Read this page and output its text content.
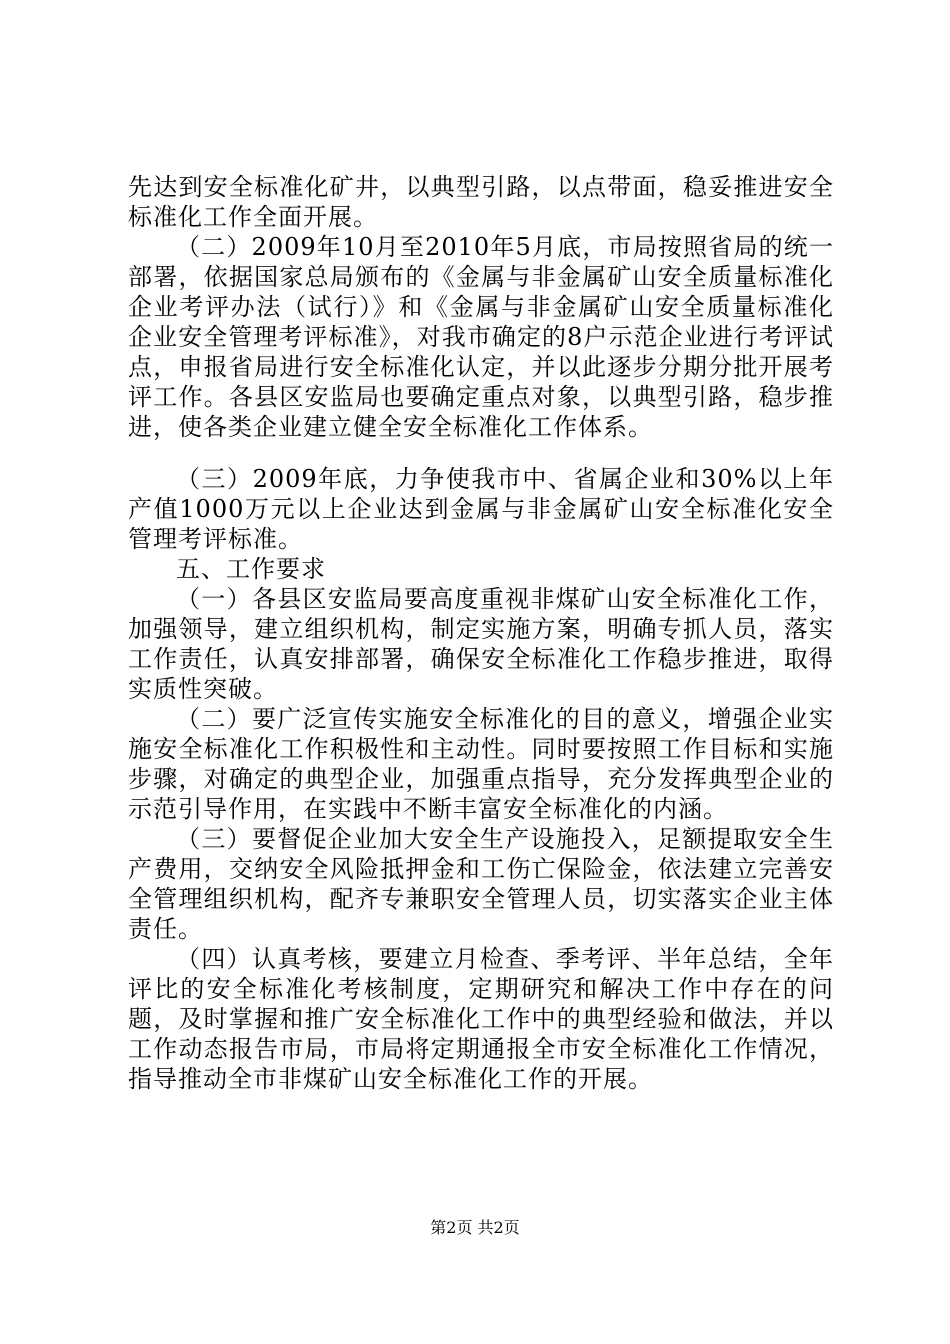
先达到安全标准化矿井，以典型引路，以点带面，稳妥推进安全标准化工作全面开展。

（二）2009年10月至2010年5月底，市局按照省局的统一部署，依据国家总局颁布的《金属与非金属矿山安全质量标准化企业考评办法（试行）》和《金属与非金属矿山安全质量标准化企业安全管理考评标准》，对我市确定的8户示范企业进行考评试点，申报省局进行安全标准化认定，并以此逐步分期分批开展考评工作。各县区安监局也要确定重点对象，以典型引路，稳步推进，使各类企业建立健全安全标准化工作体系。

（三）2009年底，力争使我市中、省属企业和30%以上年产值1000万元以上企业达到金属与非金属矿山安全标准化安全管理考评标准。

五、工作要求

（一）各县区安监局要高度重视非煤矿山安全标准化工作，加强领导，建立组织机构，制定实施方案，明确专抓人员，落实工作责任，认真安排部署，确保安全标准化工作稳步推进，取得实质性突破。

（二）要广泛宣传实施安全标准化的目的意义，增强企业实施安全标准化工作积极性和主动性。同时要按照工作目标和实施步骤，对确定的典型企业，加强重点指导，充分发挥典型企业的示范引导作用，在实践中不断丰富安全标准化的内涵。

（三）要督促企业加大安全生产设施投入，足额提取安全生产费用，交纳安全风险抵押金和工伤亡保险金，依法建立完善安全管理组织机构，配齐专兼职安全管理人员，切实落实企业主体责任。

（四）认真考核，要建立月检查、季考评、半年总结，全年评比的安全标准化考核制度，定期研究和解决工作中存在的问题，及时掌握和推广安全标准化工作中的典型经验和做法，并以工作动态报告市局，市局将定期通报全市安全标准化工作情况，指导推动全市非煤矿山安全标准化工作的开展。

第2页 共2页
